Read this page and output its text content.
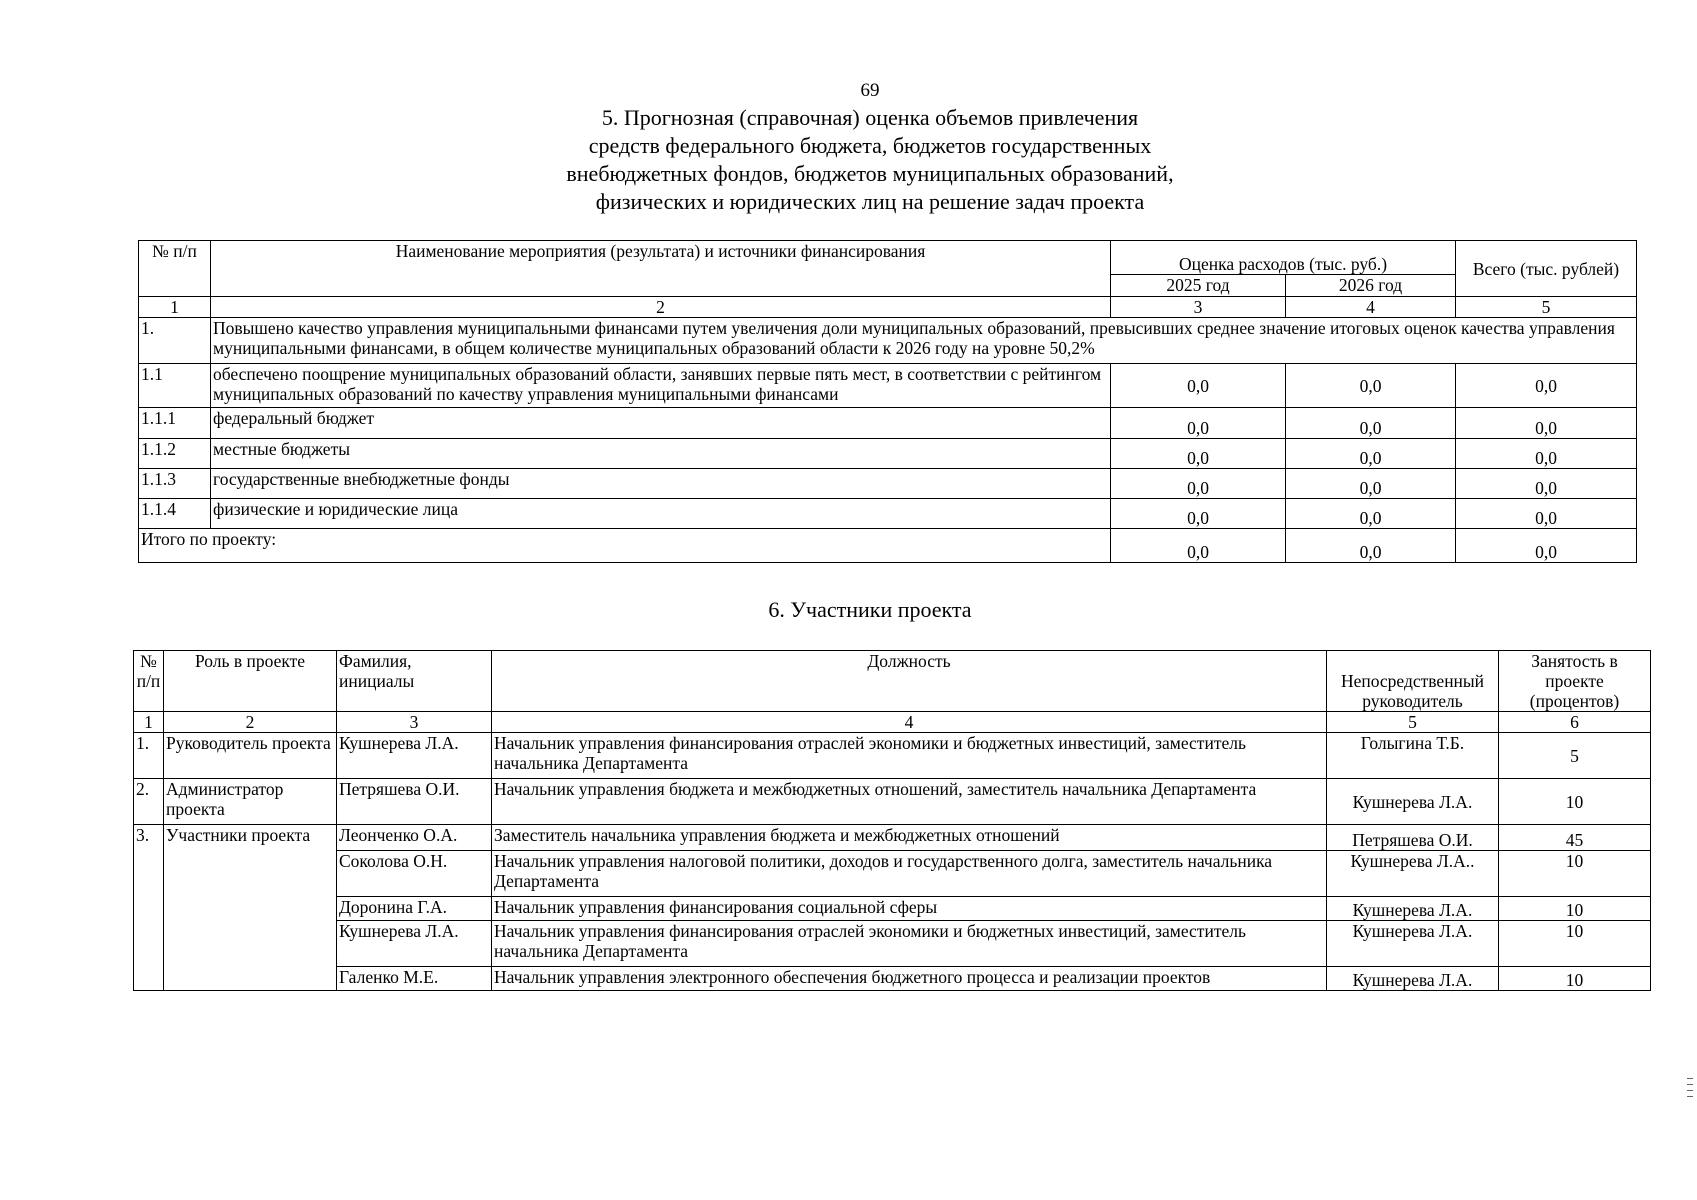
69
5. Прогнозная (справочная) оценка объемов привлечения
средств федерального бюджета, бюджетов государственных
внебюджетных фондов, бюджетов муниципальных образований,
физических и юридических лиц на решение задач проекта
№ п/п	Наименование мероприятия (результата) и источники финансирования	Оценка расходов (тыс. руб.)		Всего (тыс. рублей)
		2025 год	2026 год	
1	2	3	4	5
1.	Повышено качество управления муниципальными финансами путем увеличения доли муниципальных образований, превысивших среднее значение итоговых оценок качества управления муниципальными финансами, в общем количестве муниципальных образований области к 2026 году на уровне 50,2%			
1.1	обеспечено поощрение муниципальных образований области, занявших первые пять мест, в соответствии с рейтингом муниципальных образований по качеству управления муниципальными финансами	0,0	0,0	0,0
1.1.1	федеральный бюджет	0,0	0,0	0,0
1.1.2	местные бюджеты	0,0	0,0	0,0
1.1.3	государственные внебюджетные фонды	0,0	0,0	0,0
1.1.4	физические и юридические лица	0,0	0,0	0,0
Итого по проекту:		0,0	0,0	0,0
6. Участники проекта
№ п/п	Роль в проекте	Фамилия, инициалы	Должность	Непосредственный руководитель	Занятость в проекте (процентов)
1	2	3	4	5	6
1.	Руководитель проекта	Кушнерева Л.А.	Начальник управления финансирования отраслей экономики и бюджетных инвестиций, заместитель начальника Департамента	Голыгина Т.Б.	5
2.	Администратор проекта	Петряшева О.И.	Начальник управления бюджета и межбюджетных отношений, заместитель начальника Департамента	Кушнерева Л.А.	10
3.	Участники проекта	Леонченко О.А.	Заместитель начальника управления бюджета и межбюджетных отношений	Петряшева О.И.	45
		Соколова О.Н.	Начальник управления налоговой политики, доходов и государственного долга, заместитель начальника Департамента	Кушнерева Л.А..	10
		Доронина Г.А.	Начальник управления финансирования социальной сферы	Кушнерева Л.А.	10
		Кушнерева Л.А.	Начальник управления финансирования отраслей экономики и бюджетных инвестиций, заместитель начальника Департамента	Кушнерева Л.А.	10
		Галенко М.Е.	Начальник управления электронного обеспечения бюджетного процесса и реализации проектов	Кушнерева Л.А.	10
